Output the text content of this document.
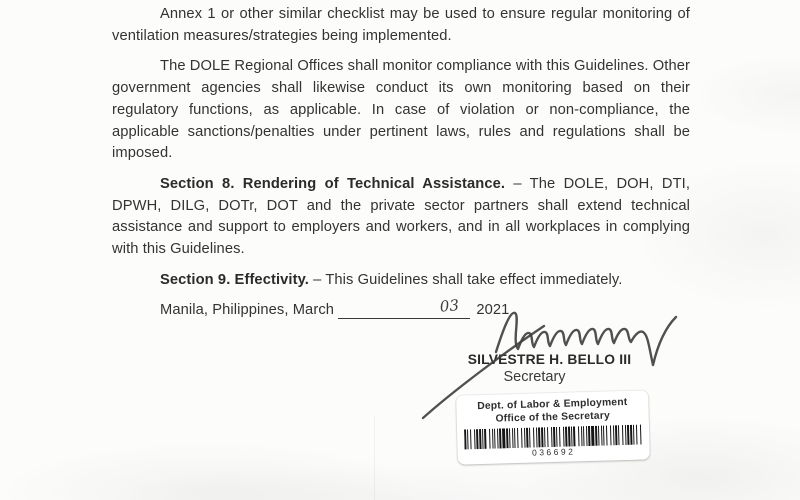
Annex 1 or other similar checklist may be used to ensure regular monitoring of ventilation measures/strategies being implemented.

The DOLE Regional Offices shall monitor compliance with this Guidelines. Other government agencies shall likewise conduct its own monitoring based on their regulatory functions, as applicable. In case of violation or non-compliance, the applicable sanctions/penalties under pertinent laws, rules and regulations shall be imposed.

Section 8. Rendering of Technical Assistance. – The DOLE, DOH, DTI, DPWH, DILG, DOTr, DOT and the private sector partners shall extend technical assistance and support to employers and workers, and in all workplaces in complying with this Guidelines.

Section 9. Effectivity. – This Guidelines shall take effect immediately.

Manila, Philippines, March	03 2021

SILVESTRE H. BELLO III
Secretary
Dept. of Labor & Employment
Office of the Secretary
036692
